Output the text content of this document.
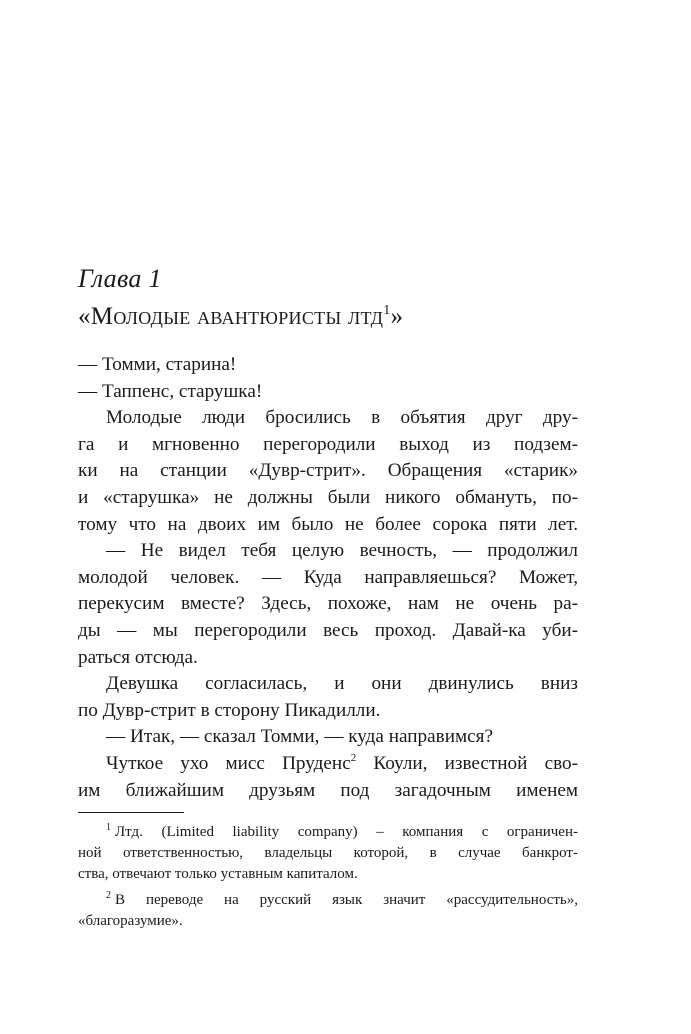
Глава 1
«Молодые авантюристы лтд$^1$»
— Томми, старина!
— Таппенс, старушка!
Молодые люди бросились в объятия друг дру-
га и мгновенно перегородили выход из подзем-
ки на станции «Дувр-стрит». Обращения «старик»
и «старушка» не должны были никого обмануть, по-
тому что на двоих им было не более сорока пяти лет.
— Не видел тебя целую вечность, — продолжил
молодой человек. — Куда направляешься? Может,
перекусим вместе? Здесь, похоже, нам не очень ра-
ды — мы перегородили весь проход. Давай-ка уби-
раться отсюда.
Девушка согласилась, и они двинулись вниз
по Дувр-стрит в сторону Пикадилли.
— Итак, — сказал Томми, — куда направимся?
Чуткое ухо мисс Пруденс$^2$ Коули, известной сво-
им ближайшим друзьям под загадочным именем
$^1$ Лтд. (Limited liability company) – компания с ограничен-
ной ответственностью, владельцы которой, в случае банкрот-
ства, отвечают только уставным капиталом.
$^2$ В переводе на русский язык значит «рассудительность»,
«благоразумие».
